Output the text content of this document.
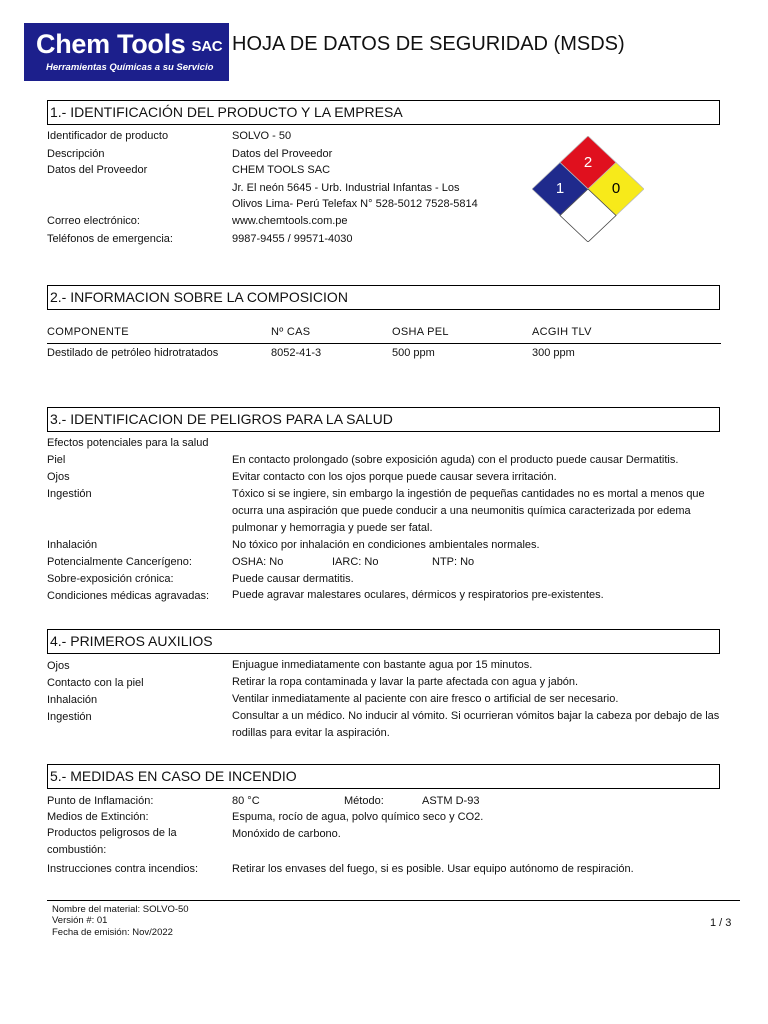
Chem Tools SAC
Herramientas Químicas a su Servicio
HOJA DE DATOS DE SEGURIDAD (MSDS)
1.- IDENTIFICACIÓN DEL PRODUCTO Y LA EMPRESA
Identificador de producto	SOLVO - 50
Descripción	Datos del Proveedor
Datos del Proveedor	CHEM TOOLS SAC
Jr. El neón 5645 - Urb. Industrial Infantas - Los
Olivos Lima- Perú Telefax N° 528-5012 7528-5814
Correo electrónico:	www.chemtools.com.pe
Teléfonos de emergencia:	9987-9455 / 99571-4030
2
1	0
2.- INFORMACION SOBRE LA COMPOSICION
COMPONENTE	Nº CAS	OSHA PEL	ACGIH TLV
Destilado de petróleo hidrotratados	8052-41-3	500 ppm	300 ppm
3.- IDENTIFICACION DE PELIGROS PARA LA SALUD
Efectos potenciales para la salud
Piel	En contacto prolongado (sobre exposición aguda) con el producto puede causar Dermatitis.
Ojos	Evitar contacto con los ojos porque puede causar severa irritación.
Ingestión	Tóxico si se ingiere, sin embargo la ingestión de pequeñas cantidades no es mortal a menos que ocurra una aspiración que puede conducir a una neumonitis química caracterizada por edema pulmonar y hemorragia y puede ser fatal.
Inhalación	No tóxico por inhalación en condiciones ambientales normales.
Potencialmente Cancerígeno:	OSHA: No	IARC: No	NTP: No
Sobre-exposición crónica:	Puede causar dermatitis.
Condiciones médicas agravadas: Puede agravar malestares oculares, dérmicos y respiratorios pre-existentes.
4.- PRIMEROS AUXILIOS
Ojos	Enjuague inmediatamente con bastante agua por 15 minutos.
Contacto con la piel	Retirar la ropa contaminada y lavar la parte afectada con agua y jabón.
Inhalación	Ventilar inmediatamente al paciente con aire fresco o artificial de ser necesario.
Ingestión	Consultar a un médico. No inducir al vómito. Si ocurrieran vómitos bajar la cabeza por debajo de las rodillas para evitar la aspiración.
5.- MEDIDAS EN CASO DE INCENDIO
Punto de Inflamación:	80 °C	Método:	ASTM D-93
Medios de Extinción:	Espuma, rocío de agua, polvo químico seco y CO2.
Productos peligrosos de la combustión:
Monóxido de carbono.
Instrucciones contra incendios:	Retirar los envases del fuego, si es posible. Usar equipo autónomo de respiración.
Nombre del material: SOLVO-50
Versión #: 01
Fecha de emisión: Nov/2022
1 / 3
